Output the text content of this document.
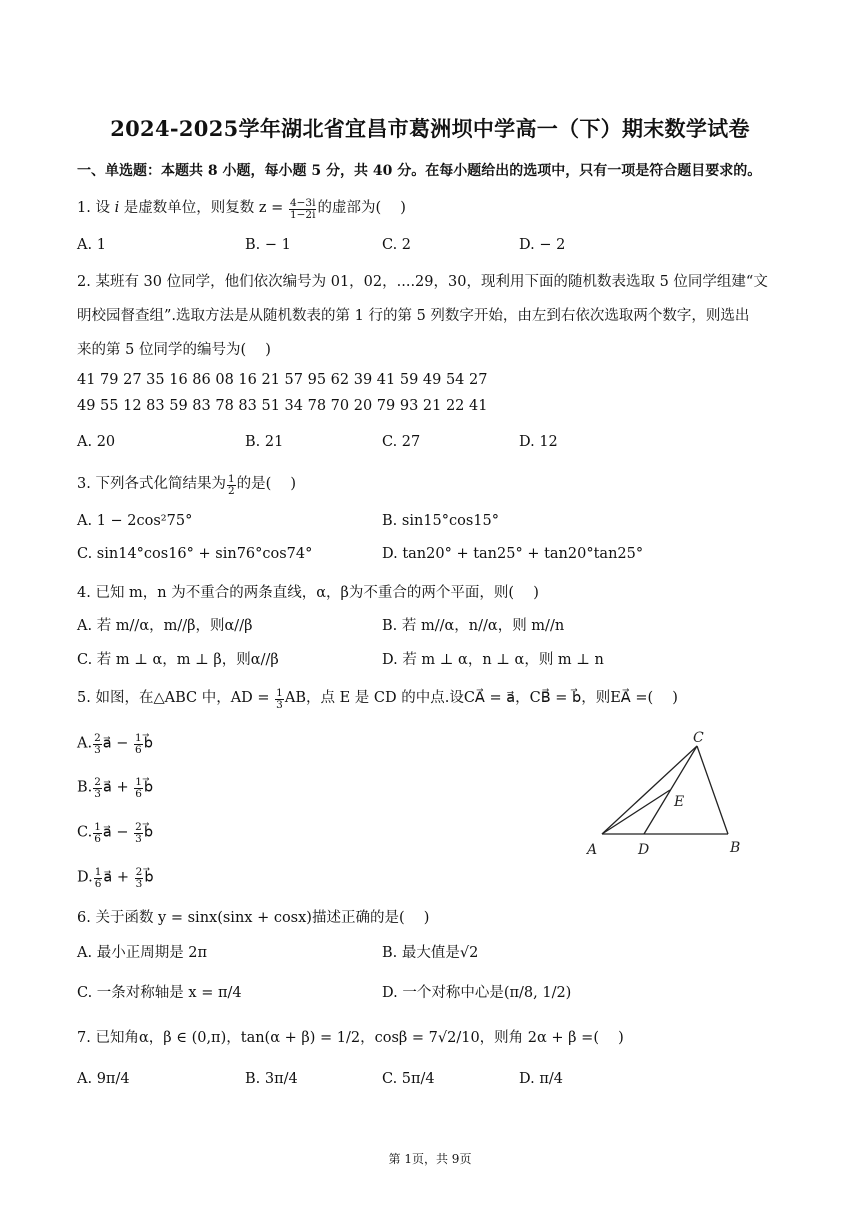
2024-2025学年湖北省宜昌市葛洲坝中学高一（下）期末数学试卷
一、单选题：本题共 8 小题，每小题 5 分，共 40 分。在每小题给出的选项中，只有一项是符合题目要求的。
1. 设 i 是虚数单位，则复数 $z = \frac{4-3i}{1-2i}$ 的虚部为(　 )
A. 1	B. − 1	C. 2	D. − 2
2. 某班有 30 位同学，他们依次编号为 01，02，....29，30，现利用下面的随机数表选取 5 位同学组建“文
明校园督查组”.选取方法是从随机数表的第 1 行的第 5 列数字开始，由左到右依次选取两个数字，则选出
来的第 5 位同学的编号为(　 )
41 79 27 35 16 86 08 16 21 57 95 62 39 41 59 49 54 27
49 55 12 83 59 83 78 83 51 34 78 70 20 79 93 21 22 41
A. 20	B. 21	C. 27	D. 12
3. 下列各式化简结果为 $\frac{1}{2}$ 的是(　 )
A. 1 − 2cos²75°	B. sin15°cos15°
C. sin14°cos16° + sin76°cos74°	D. tan20° + tan25° + tan20°tan25°
4. 已知 m，n 为不重合的两条直线，α，β为不重合的两个平面，则(　 )
A. 若 m//α，m//β，则α//β	B. 若 m//α，n//α，则 m//n
C. 若 m ⊥ α，m ⊥ β，则α//β	D. 若 m ⊥ α，n ⊥ α，则 m ⊥ n
5. 如图，在△ABC 中，AD = $\frac{1}{3}$ AB，点 E 是 CD 的中点.设CA⃗ = a⃗，CB⃗ = b⃗，则EA⃗ =(　 )
A. $\frac{2}{3}$ a⃗ − $\frac{1}{6}$ b⃗
B. $\frac{2}{3}$ a⃗ + $\frac{1}{6}$ b⃗
C. $\frac{1}{6}$ a⃗ − $\frac{2}{3}$ b⃗
D. $\frac{1}{6}$ a⃗ + $\frac{2}{3}$ b⃗
C
E
A	D	B
6. 关于函数 y = sinx(sinx + cosx)描述正确的是(　 )
A. 最小正周期是 2π	B. 最大值是√2
C. 一条对称轴是 x = π/4	D. 一个对称中心是(π/8, 1/2)
7. 已知角α，β ∈ (0,π)，tan(α + β) = 1/2，cosβ = 7√2/10，则角 2α + β =(　 )
A. 9π/4	B. 3π/4	C. 5π/4	D. π/4
第 1页，共 9页
